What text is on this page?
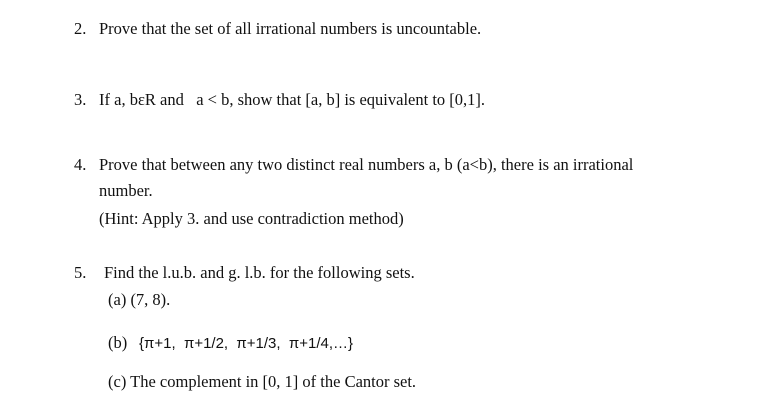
2. Prove that the set of all irrational numbers is uncountable.
3. If a, bεR and   a < b, show that [a, b] is equivalent to [0,1].
4. Prove that between any two distinct real numbers a, b (a<b), there is an irrational
number.
(Hint: Apply 3. and use contradiction method)
5. Find the l.u.b. and g. l.b. for the following sets.
(a) (7, 8).
(b) {π+1,  π+1/2,  π+1/3,  π+1/4,…}
(c) The complement in [0, 1] of the Cantor set.
